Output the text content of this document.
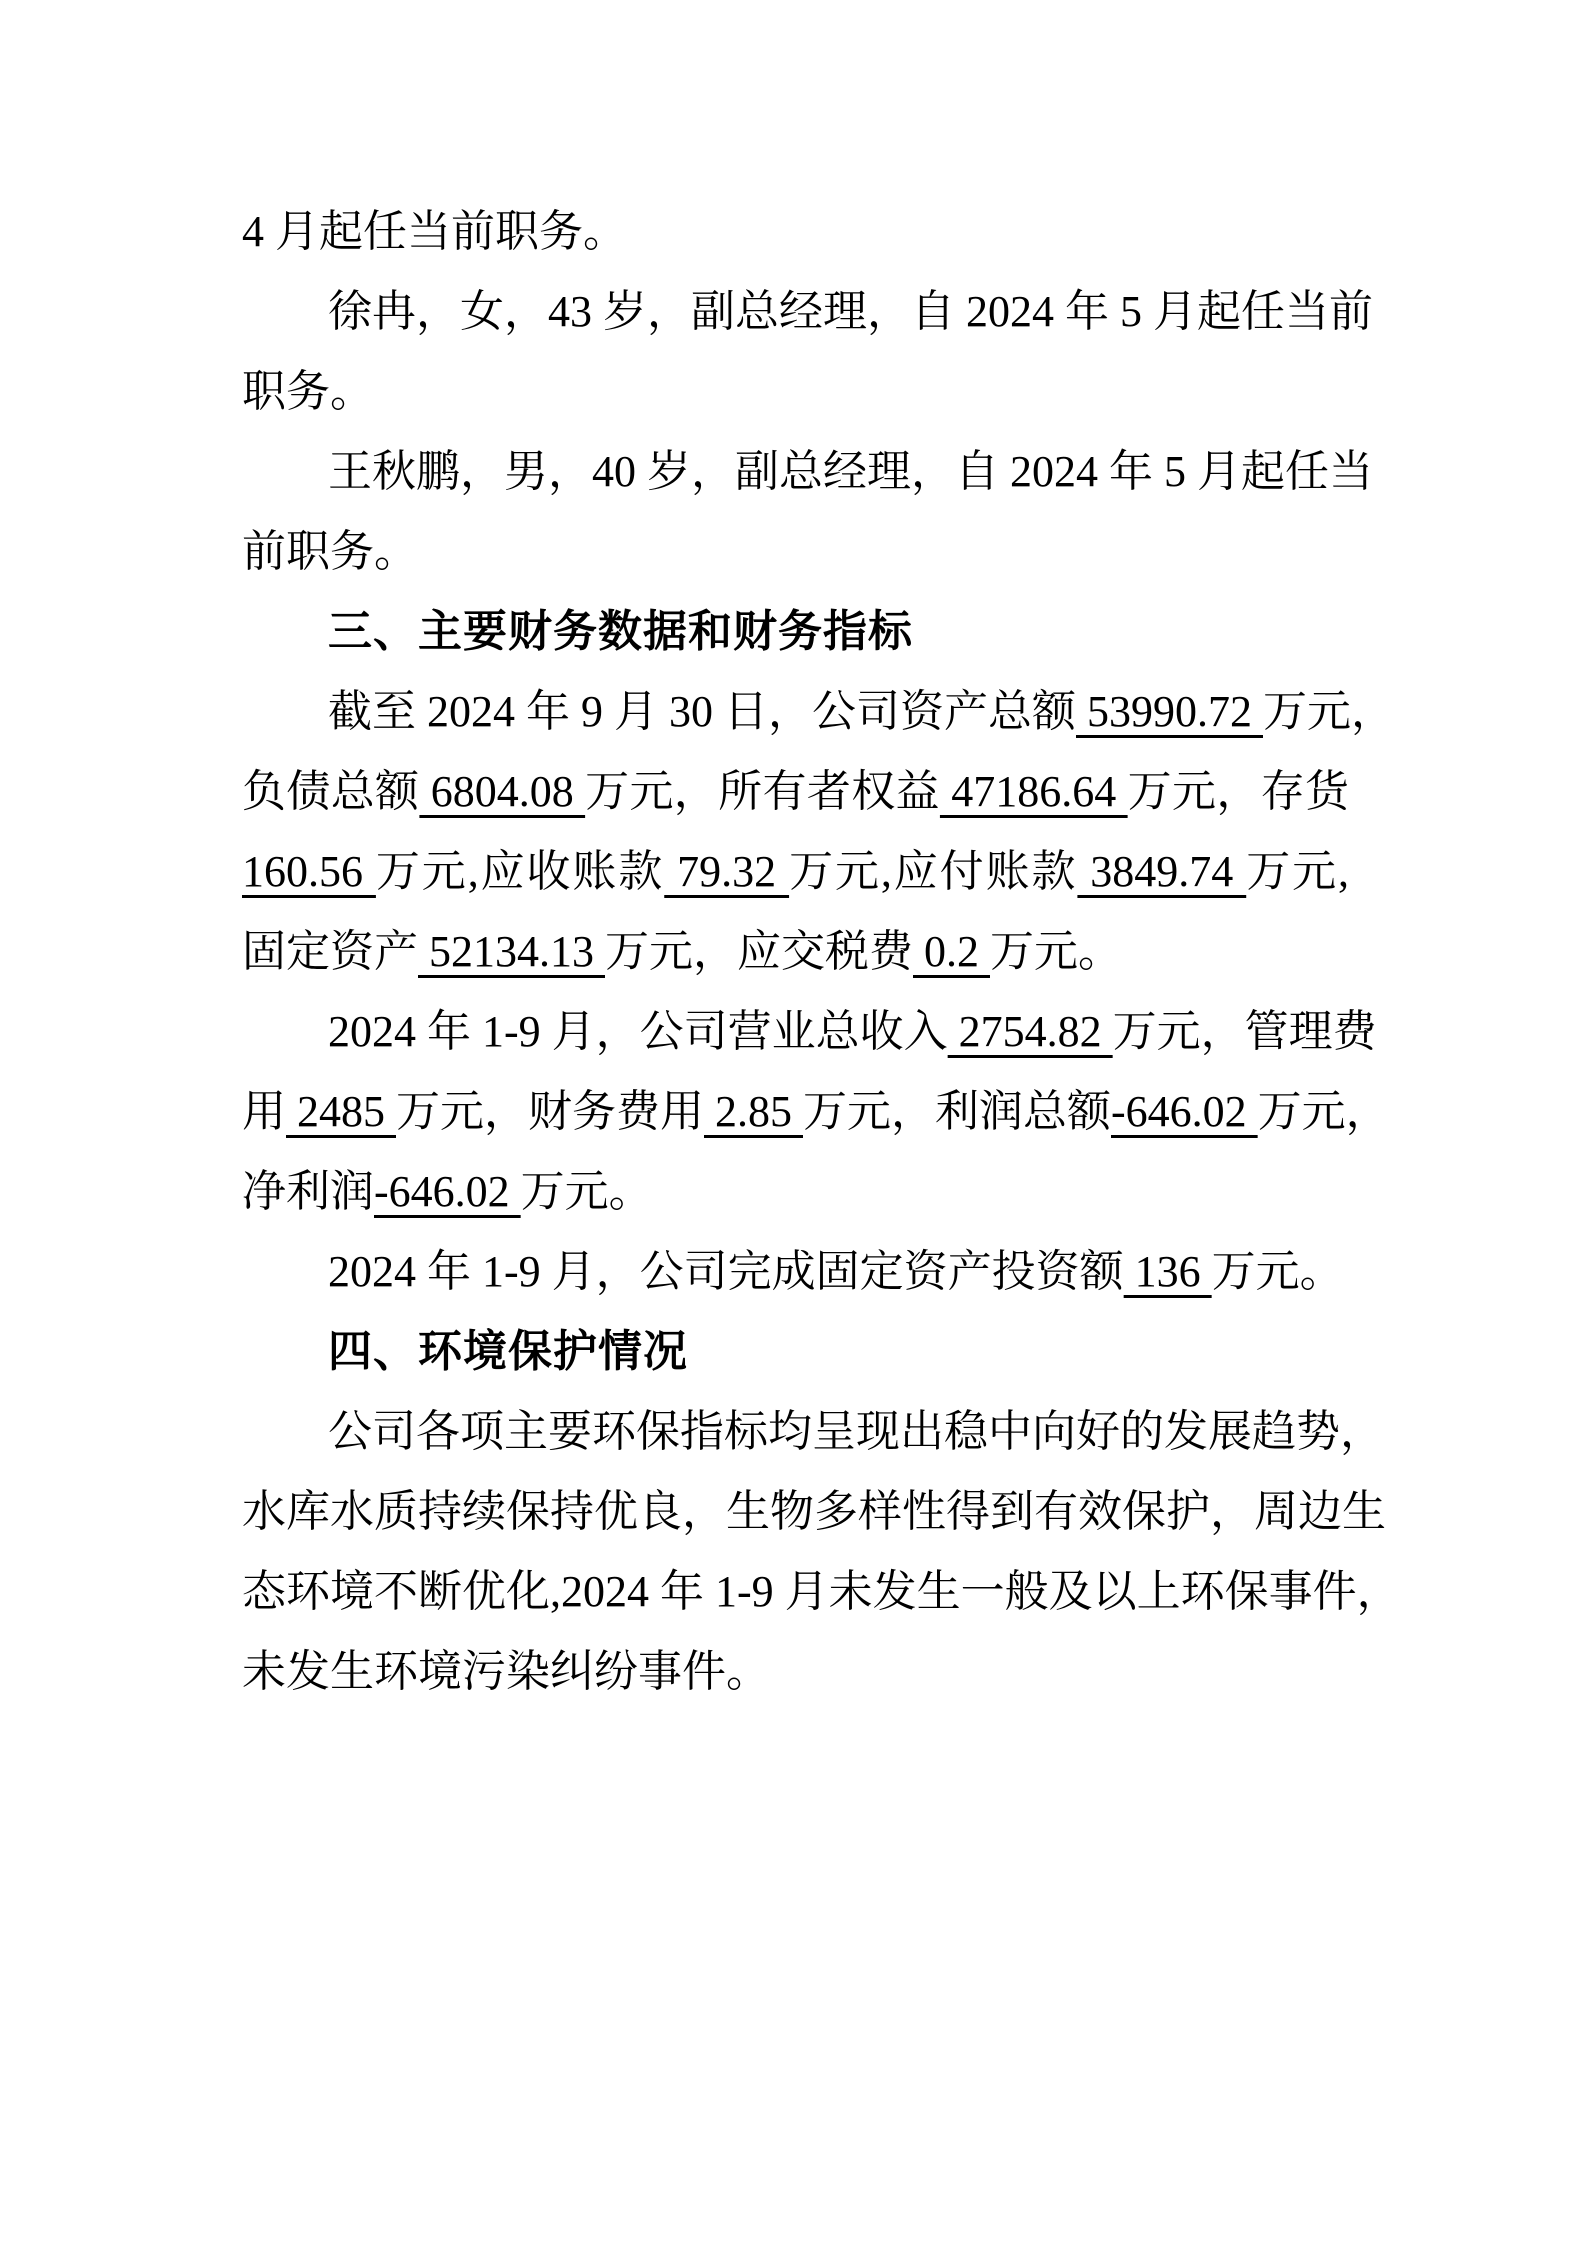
4 月起任当前职务。
徐冉，女，43 岁，副总经理，自 2024 年 5 月起任当前
职务。
王秋鹏，男，40 岁，副总经理，自 2024 年 5 月起任当
前职务。
三、主要财务数据和财务指标
截至 2024 年 9 月 30 日，公司资产总额 53990.72 万元，
负债总额 6804.08 万元，所有者权益 47186.64 万元，存货
160.56 万元,应收账款 79.32 万元,应付账款 3849.74 万元,
固定资产 52134.13 万元，应交税费 0.2 万元。
2024 年 1-9 月，公司营业总收入 2754.82 万元，管理费
用 2485 万元，财务费用 2.85 万元，利润总额-646.02 万元，
净利润-646.02 万元。
2024 年 1-9 月，公司完成固定资产投资额 136 万元。
四、环境保护情况
公司各项主要环保指标均呈现出稳中向好的发展趋势，
水库水质持续保持优良，生物多样性得到有效保护，周边生
态环境不断优化,2024 年 1-9 月未发生一般及以上环保事件，
未发生环境污染纠纷事件。
